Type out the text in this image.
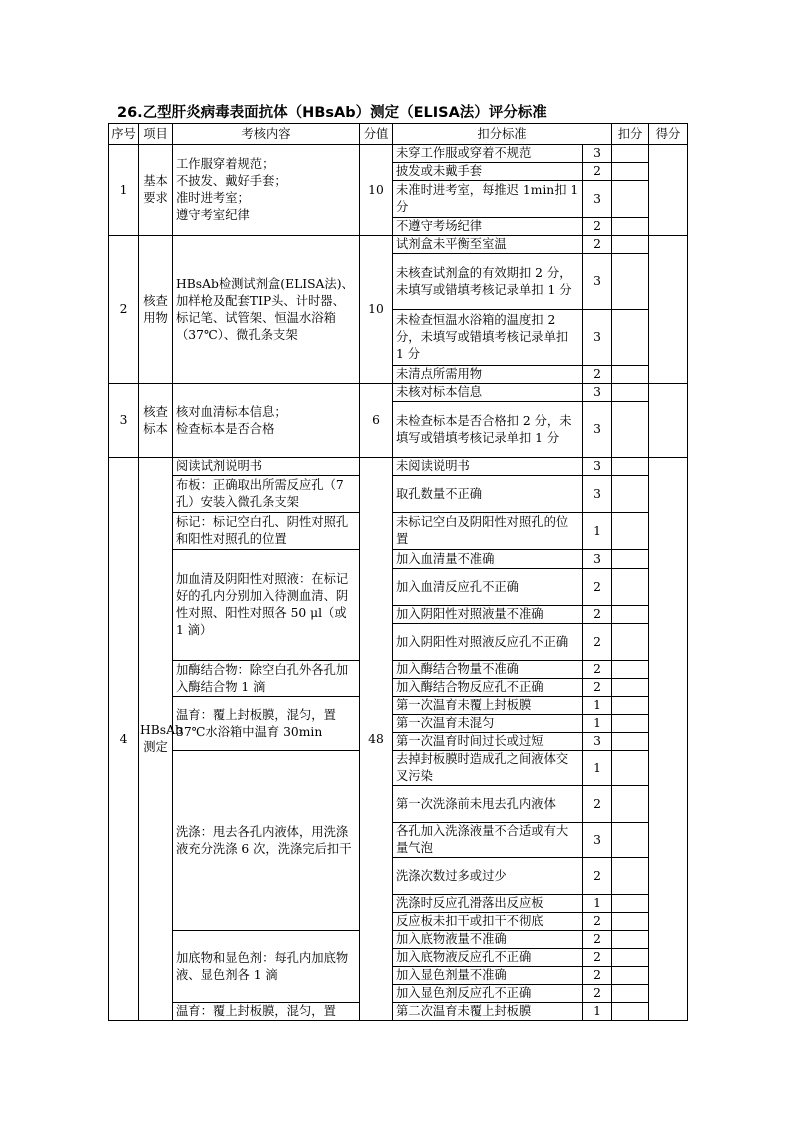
26.乙型肝炎病毒表面抗体（HBsAb）测定（ELISA法）评分标准
序号	项目	考核内容	分值	扣分标准		扣分	得分
1	基本要求	工作服穿着规范；
不披发、戴好手套；
准时进考室；
遵守考室纪律	10	未穿工作服或穿着不规范	3		
				披发或未戴手套	2		
				未准时进考室，每推迟 1min扣 1 分	3		
				不遵守考场纪律	2		
2	核查用物	HBsAb检测试剂盒(ELISA法)、加样枪及配套TIP头、计时器、标记笔、试管架、恒温水浴箱（37℃）、微孔条支架	10	试剂盒未平衡至室温	2		
				未核查试剂盒的有效期扣 2 分，未填写或错填考核记录单扣 1 分	3		
				未检查恒温水浴箱的温度扣 2 分，未填写或错填考核记录单扣 1 分	3		
				未清点所需用物	2		
3	核查标本	核对血清标本信息；
检查标本是否合格	6	未核对标本信息	3		
				未检查标本是否合格扣 2 分，未填写或错填考核记录单扣 1 分	3		
4	HBsAb测定	阅读试剂说明书	48	未阅读说明书	3		
		布板：正确取出所需反应孔（7孔）安装入微孔条支架		取孔数量不正确	3		
		标记：标记空白孔、阴性对照孔和阳性对照孔的位置		未标记空白及阴阳性对照孔的位置	1		
		加血清及阴阳性对照液：在标记好的孔内分别加入待测血清、阴性对照、阳性对照各 50 μl（或 1 滴）		加入血清量不准确	3		
				加入血清反应孔不正确	2		
				加入阴阳性对照液量不准确	2		
				加入阴阳性对照液反应孔不正确	2		
		加酶结合物：除空白孔外各孔加入酶结合物 1 滴		加入酶结合物量不准确	2		
				加入酶结合物反应孔不正确	2		
		温育：覆上封板膜，混匀，置37℃水浴箱中温育 30min		第一次温育未覆上封板膜	1		
				第一次温育未混匀	1		
				第一次温育时间过长或过短	3		
		洗涤：甩去各孔内液体，用洗涤液充分洗涤 6 次，洗涤完后扣干		去掉封板膜时造成孔之间液体交叉污染	1		
				第一次洗涤前未甩去孔内液体	2		
				各孔加入洗涤液量不合适或有大量气泡	3		
				洗涤次数过多或过少	2		
				洗涤时反应孔滑落出反应板	1		
				反应板未扣干或扣干不彻底	2		
		加底物和显色剂：每孔内加底物液、显色剂各 1 滴		加入底物液量不准确	2		
				加入底物液反应孔不正确	2		
				加入显色剂量不准确	2		
				加入显色剂反应孔不正确	2		
		温育：覆上封板膜，混匀，置		第二次温育未覆上封板膜	1		
